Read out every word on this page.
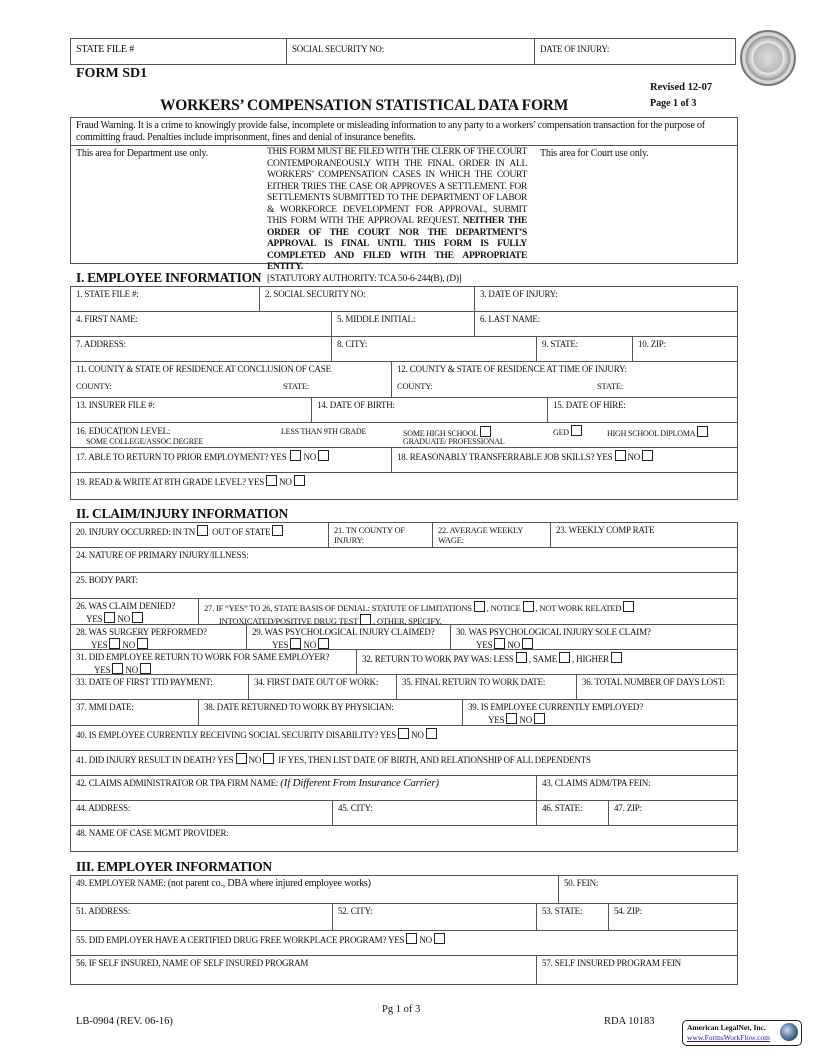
STATE FILE #	SOCIAL SECURITY NO:	DATE OF INJURY:
FORM SD1
Revised 12-07
Page 1 of 3
WORKERS’ COMPENSATION STATISTICAL DATA FORM
Fraud Warning. It is a crime to knowingly provide false, incomplete or misleading information to any party to a workers’ compensation transaction for the purpose of committing fraud. Penalties include imprisonment, fines and denial of insurance benefits.
This area for Department use only.	THIS FORM MUST BE FILED WITH THE CLERK OF THE COURT CONTEMPORANEOUSLY WITH THE FINAL ORDER IN ALL WORKERS’ COMPENSATION CASES IN WHICH THE COURT EITHER TRIES THE CASE OR APPROVES A SETTLEMENT. FOR SETTLEMENTS SUBMITTED TO THE DEPARTMENT OF LABOR & WORKFORCE DEVELOPMENT FOR APPROVAL, SUBMIT THIS FORM WITH THE APPROVAL REQUEST. NEITHER THE ORDER OF THE COURT NOR THE DEPARTMENT’S APPROVAL IS FINAL UNTIL THIS FORM IS FULLY COMPLETED AND FILED WITH THE APPROPRIATE ENTITY.
[STATUTORY AUTHORITY: TCA 50-6-244(B), (D)]
This area for Court use only.
I. EMPLOYEE INFORMATION
1. STATE FILE #:	2. SOCIAL SECURITY NO:	3. DATE OF INJURY:
4. FIRST NAME:	5. MIDDLE INITIAL:	6. LAST NAME:
7. ADDRESS:	8. CITY:	9. STATE:	10. ZIP:
11. COUNTY & STATE OF RESIDENCE AT CONCLUSION OF CASE
COUNTY:	STATE:
12. COUNTY & STATE OF RESIDENCE AT TIME OF INJURY:
COUNTY:	STATE:
13. INSURER FILE #:	14. DATE OF BIRTH:	15. DATE OF HIRE:
16. EDUCATION LEVEL:	LESS THAN 9TH GRADE	SOME HIGH SCHOOL	GED	HIGH SCHOOL DIPLOMA
SOME COLLEGE/ASSOC DEGREE	GRADUATE/ PROFESSIONAL
17. ABLE TO RETURN TO PRIOR EMPLOYMENT? YES NO	18. REASONABLY TRANSFERRABLE JOB SKILLS? YES NO
19. READ & WRITE AT 8TH GRADE LEVEL? YES NO
II. CLAIM/INJURY INFORMATION
20. INJURY OCCURRED: IN TN OUT OF STATE	21. TN COUNTY OF INJURY:
22. AVERAGE WEEKLY WAGE:
23. WEEKLY COMP RATE
24. NATURE OF PRIMARY INJURY/ILLNESS:
25. BODY PART:
26. WAS CLAIM DENIED?
YES NO
27. IF “YES” TO 26, STATE BASIS OF DENIAL: STATUTE OF LIMITATIONS , NOTICE , NOT WORK RELATED
INTOXICATED/POSITIVE DRUG TEST , OTHER, SPECIFY.
28. WAS SURGERY PERFORMED?
YES NO
29. WAS PSYCHOLOGICAL INJURY CLAIMED?
YES NO
30. WAS PSYCHOLOGICAL INJURY SOLE CLAIM?
YES NO
31. DID EMPLOYEE RETURN TO WORK FOR SAME EMPLOYER?
YES NO
32. RETURN TO WORK PAY WAS: LESS , SAME , HIGHER
33. DATE OF FIRST TTD PAYMENT:	34. FIRST DATE OUT OF WORK:	35. FINAL RETURN TO WORK DATE:	36. TOTAL NUMBER OF DAYS LOST:
37. MMI DATE:	38. DATE RETURNED TO WORK BY PHYSICIAN:	39. IS EMPLOYEE CURRENTLY EMPLOYED?
YES NO
40. IS EMPLOYEE CURRENTLY RECEIVING SOCIAL SECURITY DISABILITY? YES NO
41. DID INJURY RESULT IN DEATH? YES NO IF YES, THEN LIST DATE OF BIRTH, AND RELATIONSHIP OF ALL DEPENDENTS
42. CLAIMS ADMINISTRATOR OR TPA FIRM NAME: (If Different From Insurance Carrier)	43. CLAIMS ADM/TPA FEIN:
44. ADDRESS:	45. CITY:	46. STATE:	47. ZIP:
48. NAME OF CASE MGMT PROVIDER:
III. EMPLOYER INFORMATION
49. EMPLOYER NAME: (not parent co., DBA where injured employee works)	50. FEIN:
51. ADDRESS:	52. CITY:	53. STATE:	54. ZIP:
55. DID EMPLOYER HAVE A CERTIFIED DRUG FREE WORKPLACE PROGRAM? YES NO
56. IF SELF INSURED, NAME OF SELF INSURED PROGRAM	57. SELF INSURED PROGRAM FEIN
Pg 1 of 3
LB-0904 (REV. 06-16)	RDA 10183
American LegalNet, Inc.
www.FormsWorkFlow.com
